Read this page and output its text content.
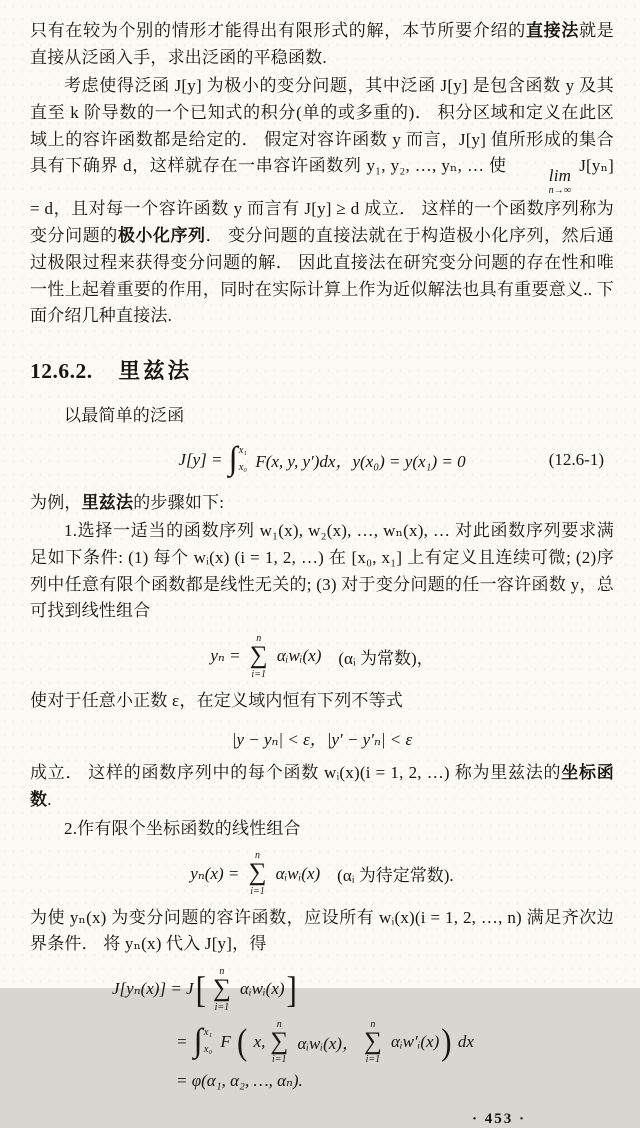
只有在较为个别的情形才能得出有限形式的解，本节所要介绍的直接法就是直接从泛函入手，求出泛函的平稳函数.

考虑使得泛函 J[y] 为极小的变分问题，其中泛函 J[y] 是包含函数 y 及其直至 k 阶导数的一个已知式的积分(单的或多重的)． 积分区域和定义在此区域上的容许函数都是给定的． 假定对容许函数 y 而言，J[y] 值所形成的集合具有下确界 d，这样就存在一串容许函数列 y₁, y₂, …, yₙ, … 使
lim
n→∞
J[yₙ] = d，且对每一个容许函数 y 而言有 J[y] ≥ d 成立． 这样的一个函数序列称为变分问题的极小化序列． 变分问题的直接法就在于构造极小化序列，然后通过极限过程来获得变分问题的解． 因此直接法在研究变分问题的存在性和唯一性上起着重要的作用，同时在实际计算上作为近似解法也具有重要意义.. 下面介绍几种直接法.

12.6.2. 里兹法

以最简单的泛函

J[y] = ∫ x₁
x₀ F(x, y, y′)dx，y(x₀) = y(x₁) = 0	(12.6-1)

为例，里兹法的步骤如下:

1.选择一适当的函数序列 w₁(x), w₂(x), …, wₙ(x), … 对此函数序列要求满足如下条件: (1) 每个 wᵢ(x) (i = 1, 2, …) 在 [x₀, x₁] 上有定义且连续可微; (2)序列中任意有限个函数都是线性无关的; (3) 对于变分问题的任一容许函数 y，总可找到线性组合

yₙ =
n
∑
i=1
αᵢwᵢ(x) 　(αᵢ 为常数)，

使对于任意小正数 ε，在定义域内恒有下列不等式

|y − yₙ| < ε，|y′ − y′ₙ| < ε

成立． 这样的函数序列中的每个函数 wᵢ(x)(i = 1, 2, …) 称为里兹法的坐标函数.

2.作有限个坐标函数的线性组合

yₙ(x) =
n
∑
i=1
αᵢwᵢ(x) 　(αᵢ 为待定常数).

为使 yₙ(x) 为变分问题的容许函数，应设所有 wᵢ(x)(i = 1, 2, …, n) 满足齐次边界条件． 将 yₙ(x) 代入 J[y]，得

J[yₙ(x)] = J [ n
∑
i=1
αᵢwᵢ(x) ]
= ∫ x₁
x₀ F ( x,
n
∑
i=1
αᵢwᵢ(x)，
n
∑
i=1
αᵢw′ᵢ(x) ) dx
= φ(α₁, α₂, …, αₙ).
· 453 ·
